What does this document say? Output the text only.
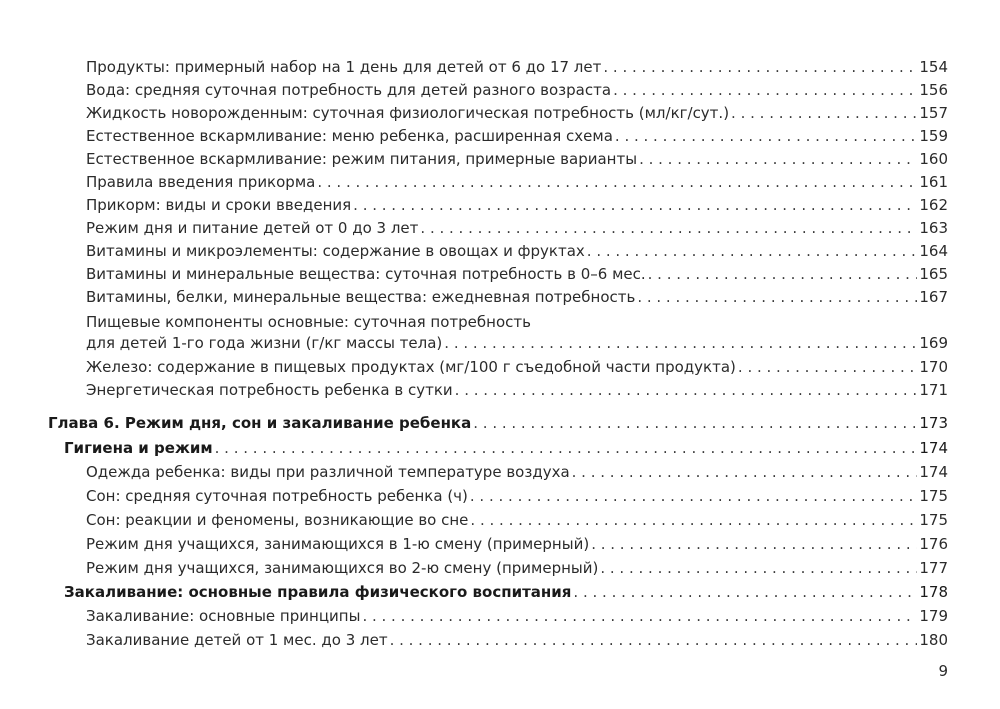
Продукты: примерный набор на 1 день для детей от 6 до 17 лет . . .	154
Вода: средняя суточная потребность для детей разного возраста . . .	156
Жидкость новорожденным: суточная физиологическая потребность (мл/кг/сут.) . . .	157
Естественное вскармливание: меню ребенка, расширенная схема . . .	159
Естественное вскармливание: режим питания, примерные варианты . . .	160
Правила введения прикорма . . .	161
Прикорм: виды и сроки введения . . .	162
Режим дня и питание детей от 0 до 3 лет . . .	163
Витамины и микроэлементы: содержание в овощах и фруктах . . .	164
Витамины и минеральные вещества: суточная потребность в 0–6 мес. . . .	165
Витамины, белки, минеральные вещества: ежедневная потребность . . .	167
Пищевые компоненты основные: суточная потребность
для детей 1-го года жизни (г/кг массы тела) . . .	169
Железо: содержание в пищевых продуктах (мг/100 г съедобной части продукта) . . .	170
Энергетическая потребность ребенка в сутки . . .	171
Глава 6. Режим дня, сон и закаливание ребенка . . .	173
Гигиена и режим . . .	174
Одежда ребенка: виды при различной температуре воздуха . . .	174
Сон: средняя суточная потребность ребенка (ч) . . .	175
Сон: реакции и феномены, возникающие во сне . . .	175
Режим дня учащихся, занимающихся в 1-ю смену (примерный) . . .	176
Режим дня учащихся, занимающихся во 2-ю смену (примерный) . . .	177
Закаливание: основные правила физического воспитания . . .	178
Закаливание: основные принципы . . .	179
Закаливание детей от 1 мес. до 3 лет . . .	180
9
